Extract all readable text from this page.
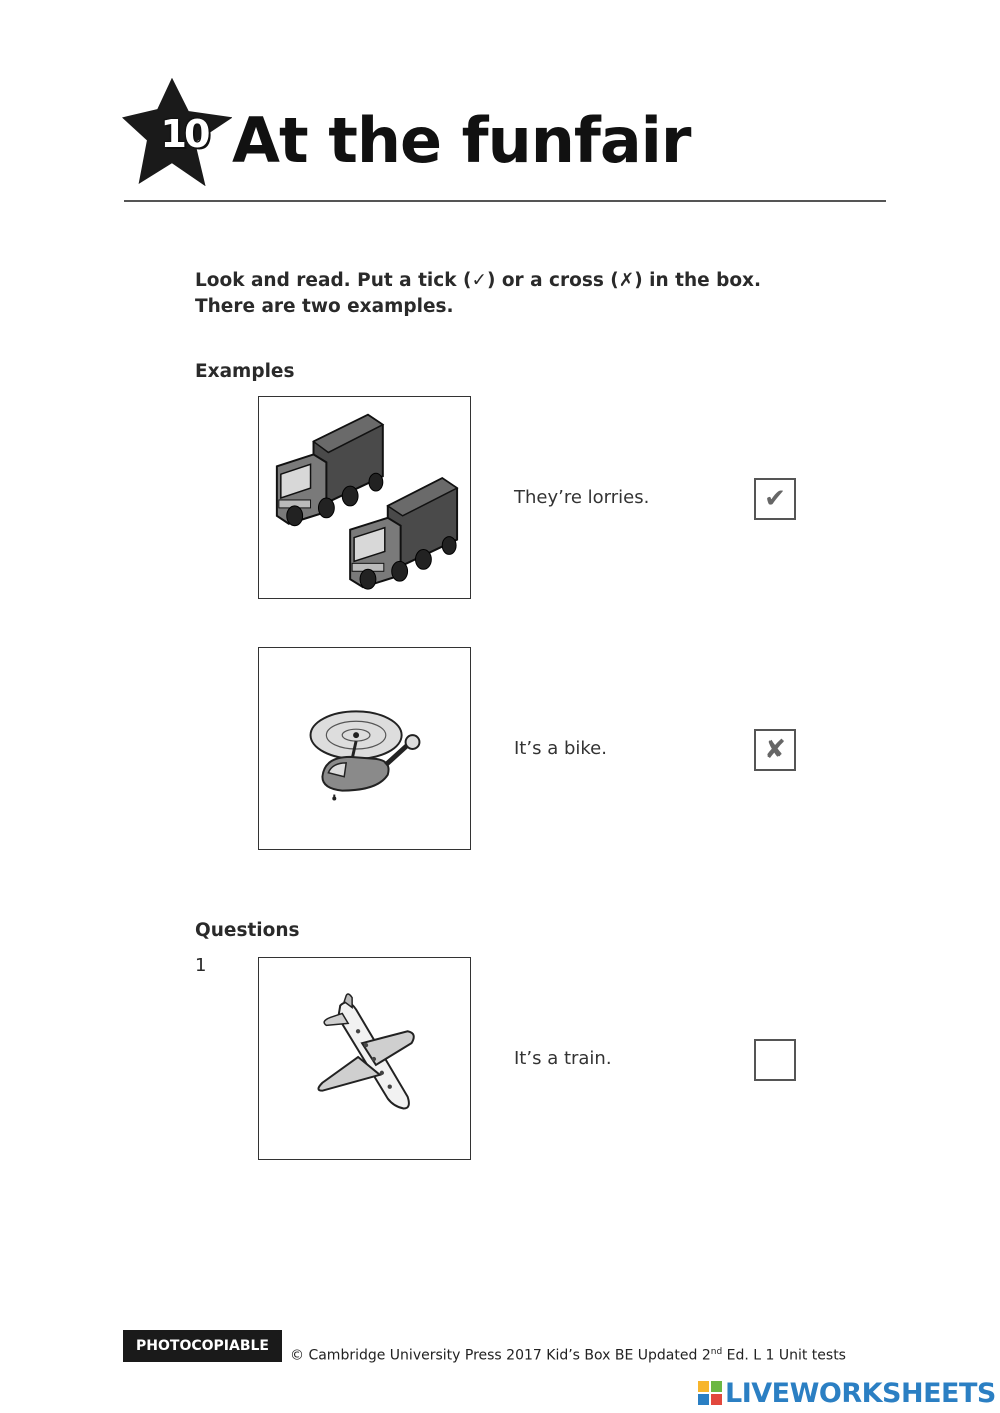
10 At the funfair
Look and read. Put a tick (✓) or a cross (✗) in the box.
There are two examples.
Examples
They’re lorries.	✔
It’s a bike.	✘
Questions
1
It’s a train.
PHOTOCOPIABLE
© Cambridge University Press 2017 Kid’s Box BE Updated 2nd Ed. L 1 Unit tests
LIVEWORKSHEETS
